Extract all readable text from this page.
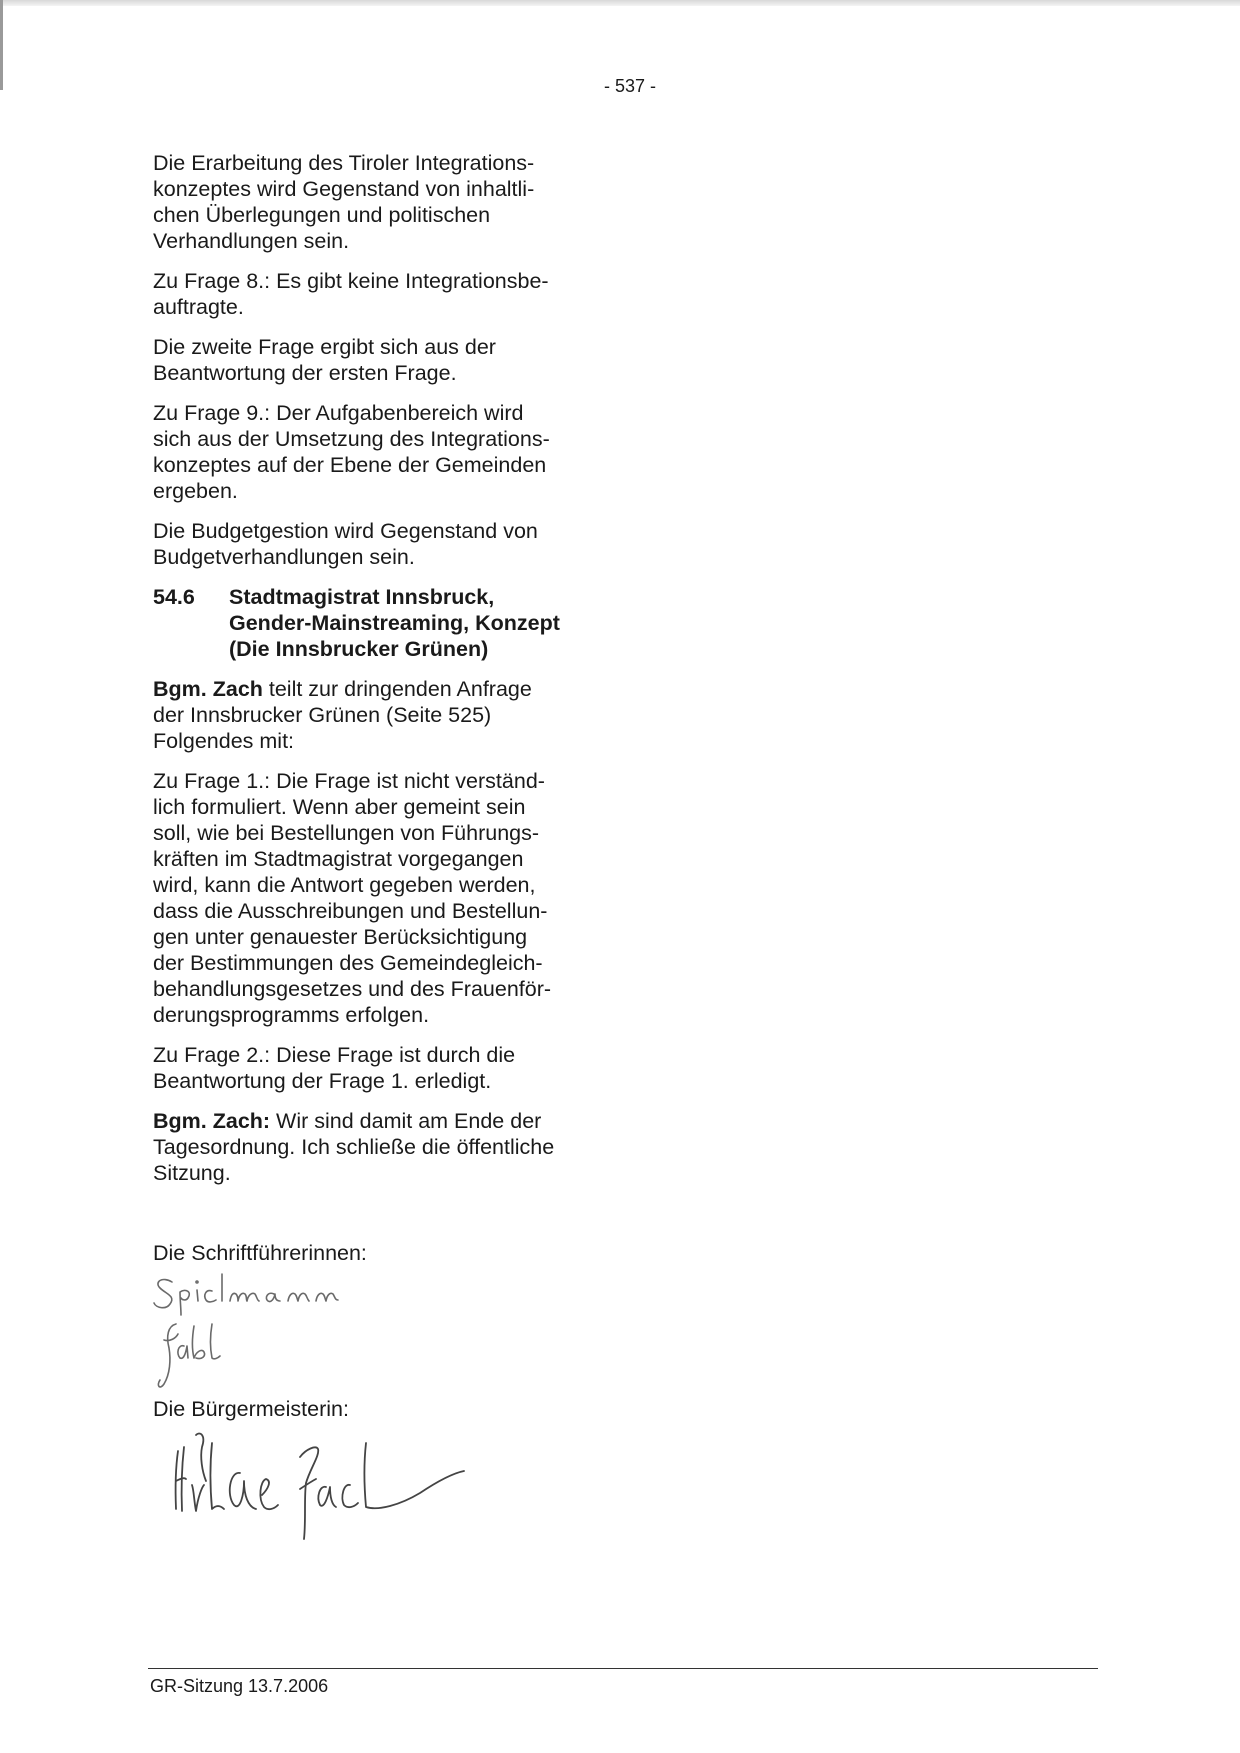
- 537 -

Die Erarbeitung des Tiroler Integrations-
konzeptes wird Gegenstand von inhaltli-
chen Überlegungen und politischen
Verhandlungen sein.

Zu Frage 8.: Es gibt keine Integrationsbe-
auftragte.

Die zweite Frage ergibt sich aus der
Beantwortung der ersten Frage.

Zu Frage 9.: Der Aufgabenbereich wird
sich aus der Umsetzung des Integrations-
konzeptes auf der Ebene der Gemeinden
ergeben.

Die Budgetgestion wird Gegenstand von
Budgetverhandlungen sein.

54.6	Stadtmagistrat Innsbruck,
Gender-Mainstreaming, Konzept
(Die Innsbrucker Grünen)

Bgm. Zach teilt zur dringenden Anfrage
der Innsbrucker Grünen (Seite 525)
Folgendes mit:

Zu Frage 1.: Die Frage ist nicht verständ-
lich formuliert. Wenn aber gemeint sein
soll, wie bei Bestellungen von Führungs-
kräften im Stadtmagistrat vorgegangen
wird, kann die Antwort gegeben werden,
dass die Ausschreibungen und Bestellun-
gen unter genauester Berücksichtigung
der Bestimmungen des Gemeindegleich-
behandlungsgesetzes und des Frauenför-
derungsprogramms erfolgen.

Zu Frage 2.: Diese Frage ist durch die
Beantwortung der Frage 1. erledigt.

Bgm. Zach: Wir sind damit am Ende der
Tagesordnung. Ich schließe die öffentliche
Sitzung.

Die Schriftführerinnen:
Die Bürgermeisterin:
GR-Sitzung 13.7.2006
